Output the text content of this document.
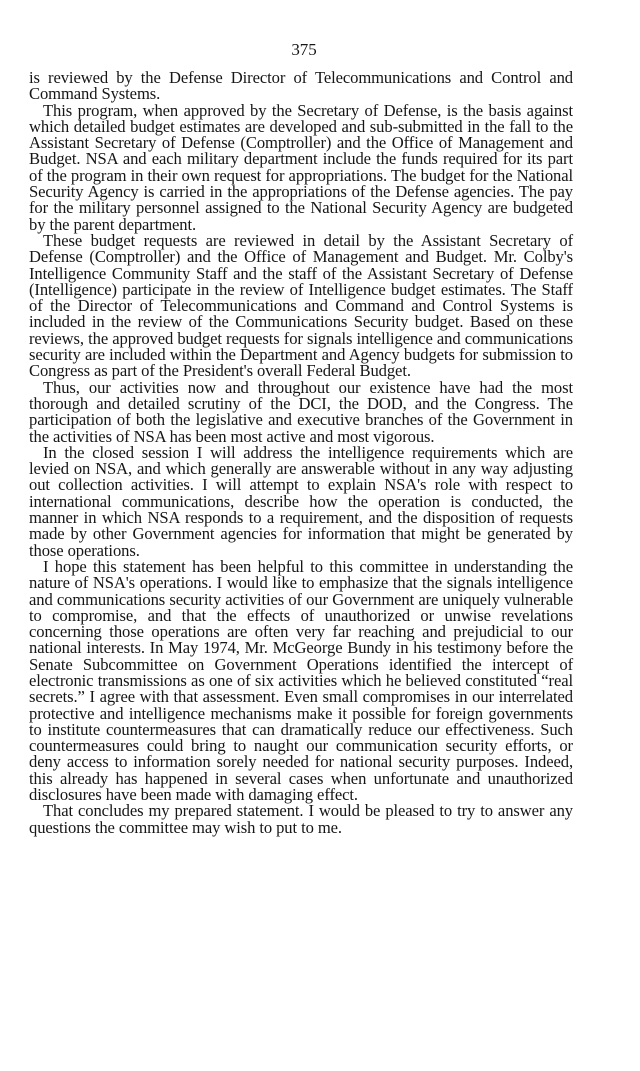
375

is reviewed by the Defense Director of Telecommunications and Control and Command Systems.

This program, when approved by the Secretary of Defense, is the basis against which detailed budget estimates are developed and sub-submitted in the fall to the Assistant Secretary of Defense (Comptroller) and the Office of Management and Budget. NSA and each military department include the funds required for its part of the program in their own request for appropriations. The budget for the National Security Agency is carried in the appropriations of the Defense agencies. The pay for the military personnel assigned to the National Security Agency are budgeted by the parent department.

These budget requests are reviewed in detail by the Assistant Secretary of Defense (Comptroller) and the Office of Management and Budget. Mr. Colby's Intelligence Community Staff and the staff of the Assistant Secretary of Defense (Intelligence) participate in the review of Intelligence budget estimates. The Staff of the Director of Telecommunications and Command and Control Systems is included in the review of the Communications Security budget. Based on these reviews, the approved budget requests for signals intelligence and communications security are included within the Department and Agency budgets for submission to Congress as part of the President's overall Federal Budget.

Thus, our activities now and throughout our existence have had the most thorough and detailed scrutiny of the DCI, the DOD, and the Congress. The participation of both the legislative and executive branches of the Government in the activities of NSA has been most active and most vigorous.

In the closed session I will address the intelligence requirements which are levied on NSA, and which generally are answerable without in any way adjusting out collection activities. I will attempt to explain NSA's role with respect to international communications, describe how the operation is conducted, the manner in which NSA responds to a requirement, and the disposition of requests made by other Government agencies for information that might be generated by those operations.

I hope this statement has been helpful to this committee in understanding the nature of NSA's operations. I would like to emphasize that the signals intelligence and communications security activities of our Government are uniquely vulnerable to compromise, and that the effects of unauthorized or unwise revelations concerning those operations are often very far reaching and prejudicial to our national interests. In May 1974, Mr. McGeorge Bundy in his testimony before the Senate Subcommittee on Government Operations identified the intercept of electronic transmissions as one of six activities which he believed constituted “real secrets.” I agree with that assessment. Even small compromises in our interrelated protective and intelligence mechanisms make it possible for foreign governments to institute countermeasures that can dramatically reduce our effectiveness. Such countermeasures could bring to naught our communication security efforts, or deny access to information sorely needed for national security purposes. Indeed, this already has happened in several cases when unfortunate and unauthorized disclosures have been made with damaging effect.

That concludes my prepared statement. I would be pleased to try to answer any questions the committee may wish to put to me.
